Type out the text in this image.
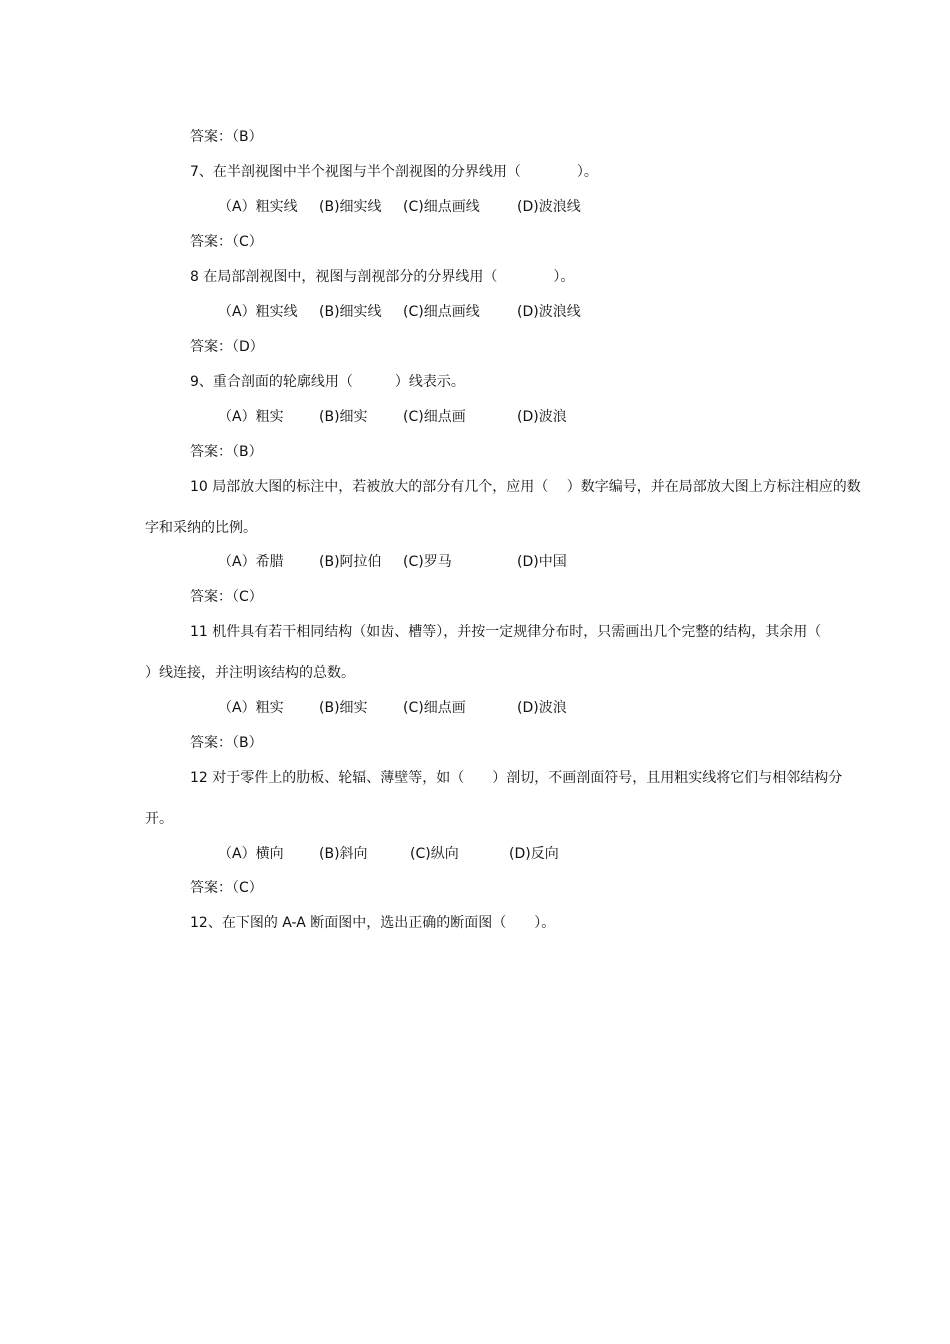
答案：（B）
7、在半剖视图中半个视图与半个剖视图的分界线用（　　　　）。
（A）粗实线 (B)细实线 (C)细点画线	(D)波浪线
答案：（C）
8 在局部剖视图中，视图与剖视部分的分界线用（　　　　）。
（A）粗实线 (B)细实线 (C)细点画线	(D)波浪线
答案：（D）
9、重合剖面的轮廓线用（　　　）线表示。
（A）粗实	(B)细实	(C)细点画	(D)波浪
答案：（B）
10 局部放大图的标注中，若被放大的部分有几个，应用（　 ）数字编号，并在局部放大图上方标注相应的数
字和采纳的比例。
（A）希腊	(B)阿拉伯 (C)罗马	(D)中国
答案：（C）
11 机件具有若干相同结构（如齿、槽等），并按一定规律分布时，只需画出几个完整的结构，其余用（
）线连接，并注明该结构的总数。
（A）粗实	(B)细实	(C)细点画	(D)波浪
答案：（B）
12 对于零件上的肋板、轮辐、薄壁等，如（　　）剖切，不画剖面符号，且用粗实线将它们与相邻结构分
开。
（A）横向	(B)斜向	(C)纵向	(D)反向
答案：（C）
12、在下图的 A-A 断面图中，选出正确的断面图（　　）。
